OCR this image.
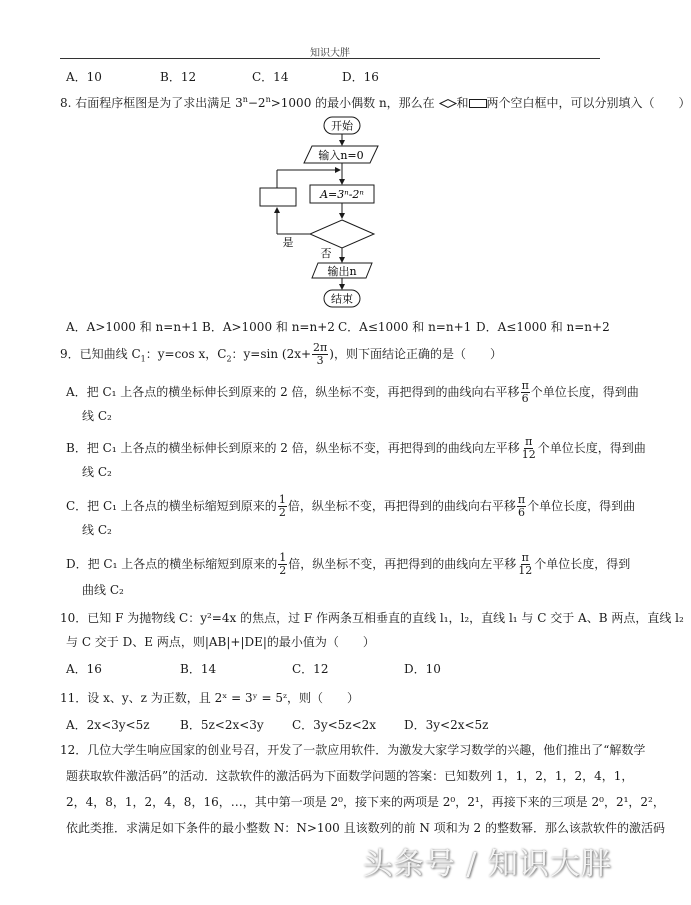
知识大胖
A．10	B．12	C．14	D．16
8. 右面程序框图是为了求出满足 $3^n-2^n>1000$ 的最小偶数 n，那么在 和 两个空白框中，可以分别填入（　　）
开始
输入n=0
A=3ⁿ-2ⁿ
是
否
输出n
结束
A．A>1000 和 n=n+1 B．A>1000 和 n=n+2 C．A≤1000 和 n=n+1 D．A≤1000 和 n=n+2
9．已知曲线 $C_1$：y=cos x，$C_2$：y=sin ($2x+ \frac{2\pi}{3}$ )，则下面结论正确的是（　　）
A．把 C₁ 上各点的横坐标伸长到原来的 2 倍，纵坐标不变，再把得到的曲线向右平移 $\frac{\pi}{6}$ 个单位长度，得到曲
线 C₂
B．把 C₁ 上各点的横坐标伸长到原来的 2 倍，纵坐标不变，再把得到的曲线向左平移 $\frac{\pi}{12}$ 个单位长度，得到曲
线 C₂
C．把 C₁ 上各点的横坐标缩短到原来的 $\frac{1}{2}$ 倍，纵坐标不变，再把得到的曲线向右平移 $\frac{\pi}{6}$ 个单位长度，得到曲
线 C₂
D．把 C₁ 上各点的横坐标缩短到原来的 $\frac{1}{2}$ 倍，纵坐标不变，再把得到的曲线向左平移 $\frac{\pi}{12}$ 个单位长度，得到
曲线 C₂
10．已知 F 为抛物线 C：y²=4x 的焦点，过 F 作两条互相垂直的直线 l₁，l₂，直线 l₁ 与 C 交于 A、B 两点，直线 l₂
与 C 交于 D、E 两点，则|AB|+|DE|的最小值为（　　）
A．16	B．14	C．12	D．10
11．设 x、y、z 为正数，且 2ˣ = 3ʸ = 5ᶻ，则（　　）
A．2x<3y<5z	B．5z<2x<3y C．3y<5z<2x D．3y<2x<5z
12．几位大学生响应国家的创业号召，开发了一款应用软件．为激发大家学习数学的兴趣，他们推出了“解数学
题获取软件激活码”的活动．这款软件的激活码为下面数学问题的答案：已知数列 1，1，2，1，2，4，1，
2，4，8，1，2，4，8，16，…，其中第一项是 2⁰，接下来的两项是 2⁰，2¹，再接下来的三项是 2⁰，2¹，2²，
依此类推．求满足如下条件的最小整数 N：N>100 且该数列的前 N 项和为 2 的整数幂．那么该款软件的激活码
头条号 / 知识大胖
